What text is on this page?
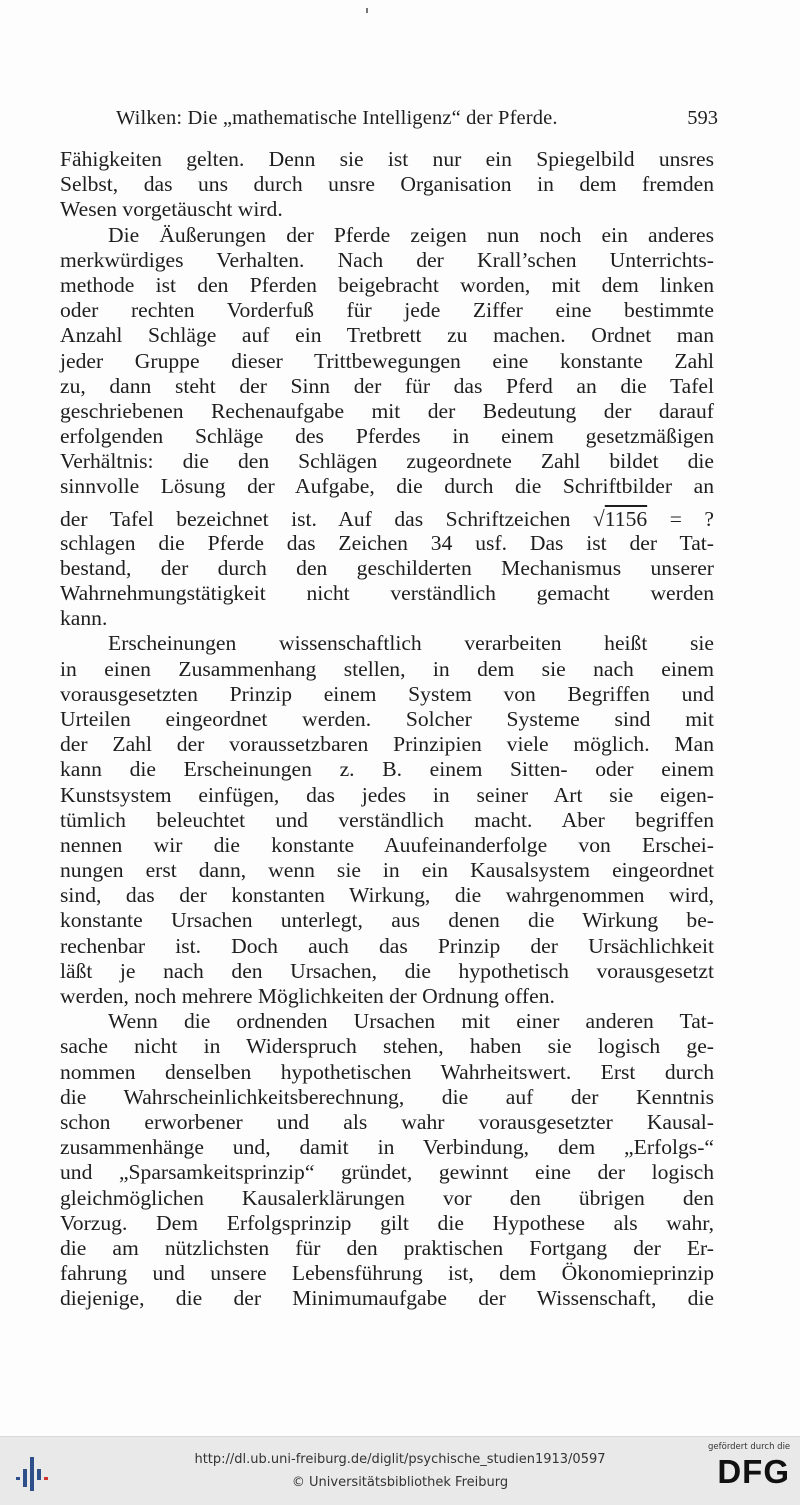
Wilken: Die „mathematische Intelligenz“ der Pferde.	593
Fähigkeiten gelten. Denn sie ist nur ein Spiegelbild unsres
Selbst, das uns durch unsre Organisation in dem fremden
Wesen vorgetäuscht wird.
Die Äußerungen der Pferde zeigen nun noch ein anderes
merkwürdiges Verhalten. Nach der Krall’schen Unterrichts-
methode ist den Pferden beigebracht worden, mit dem linken
oder rechten Vorderfuß für jede Ziffer eine bestimmte
Anzahl Schläge auf ein Tretbrett zu machen. Ordnet man
jeder Gruppe dieser Trittbewegungen eine konstante Zahl
zu, dann steht der Sinn der für das Pferd an die Tafel
geschriebenen Rechenaufgabe mit der Bedeutung der darauf
erfolgenden Schläge des Pferdes in einem gesetzmäßigen
Verhältnis: die den Schlägen zugeordnete Zahl bildet die
sinnvolle Lösung der Aufgabe, die durch die Schriftbilder an
der Tafel bezeichnet ist. Auf das Schriftzeichen √1156 = ?
schlagen die Pferde das Zeichen 34 usf. Das ist der Tat-
bestand, der durch den geschilderten Mechanismus unserer
Wahrnehmungstätigkeit nicht verständlich gemacht werden
kann.
Erscheinungen wissenschaftlich verarbeiten heißt sie
in einen Zusammenhang stellen, in dem sie nach einem
vorausgesetzten Prinzip einem System von Begriffen und
Urteilen eingeordnet werden. Solcher Systeme sind mit
der Zahl der voraussetzbaren Prinzipien viele möglich. Man
kann die Erscheinungen z. B. einem Sitten- oder einem
Kunstsystem einfügen, das jedes in seiner Art sie eigen-
tümlich beleuchtet und verständlich macht. Aber begriffen
nennen wir die konstante Auufeinanderfolge von Erschei-
nungen erst dann, wenn sie in ein Kausalsystem eingeordnet
sind, das der konstanten Wirkung, die wahrgenommen wird,
konstante Ursachen unterlegt, aus denen die Wirkung be-
rechenbar ist. Doch auch das Prinzip der Ursächlichkeit
läßt je nach den Ursachen, die hypothetisch vorausgesetzt
werden, noch mehrere Möglichkeiten der Ordnung offen.
Wenn die ordnenden Ursachen mit einer anderen Tat-
sache nicht in Widerspruch stehen, haben sie logisch ge-
nommen denselben hypothetischen Wahrheitswert. Erst durch
die Wahrscheinlichkeitsberechnung, die auf der Kenntnis
schon erworbener und als wahr vorausgesetzter Kausal-
zusammenhänge und, damit in Verbindung, dem „Erfolgs-“
und „Sparsamkeitsprinzip“ gründet, gewinnt eine der logisch
gleichmöglichen Kausalerklärungen vor den übrigen den
Vorzug. Dem Erfolgsprinzip gilt die Hypothese als wahr,
die am nützlichsten für den praktischen Fortgang der Er-
fahrung und unsere Lebensführung ist, dem Ökonomieprinzip
diejenige, die der Minimumaufgabe der Wissenschaft, die
http://dl.ub.uni-freiburg.de/diglit/psychische_studien1913/0597
© Universitätsbibliothek Freiburg
gefördert durch die
DFG
